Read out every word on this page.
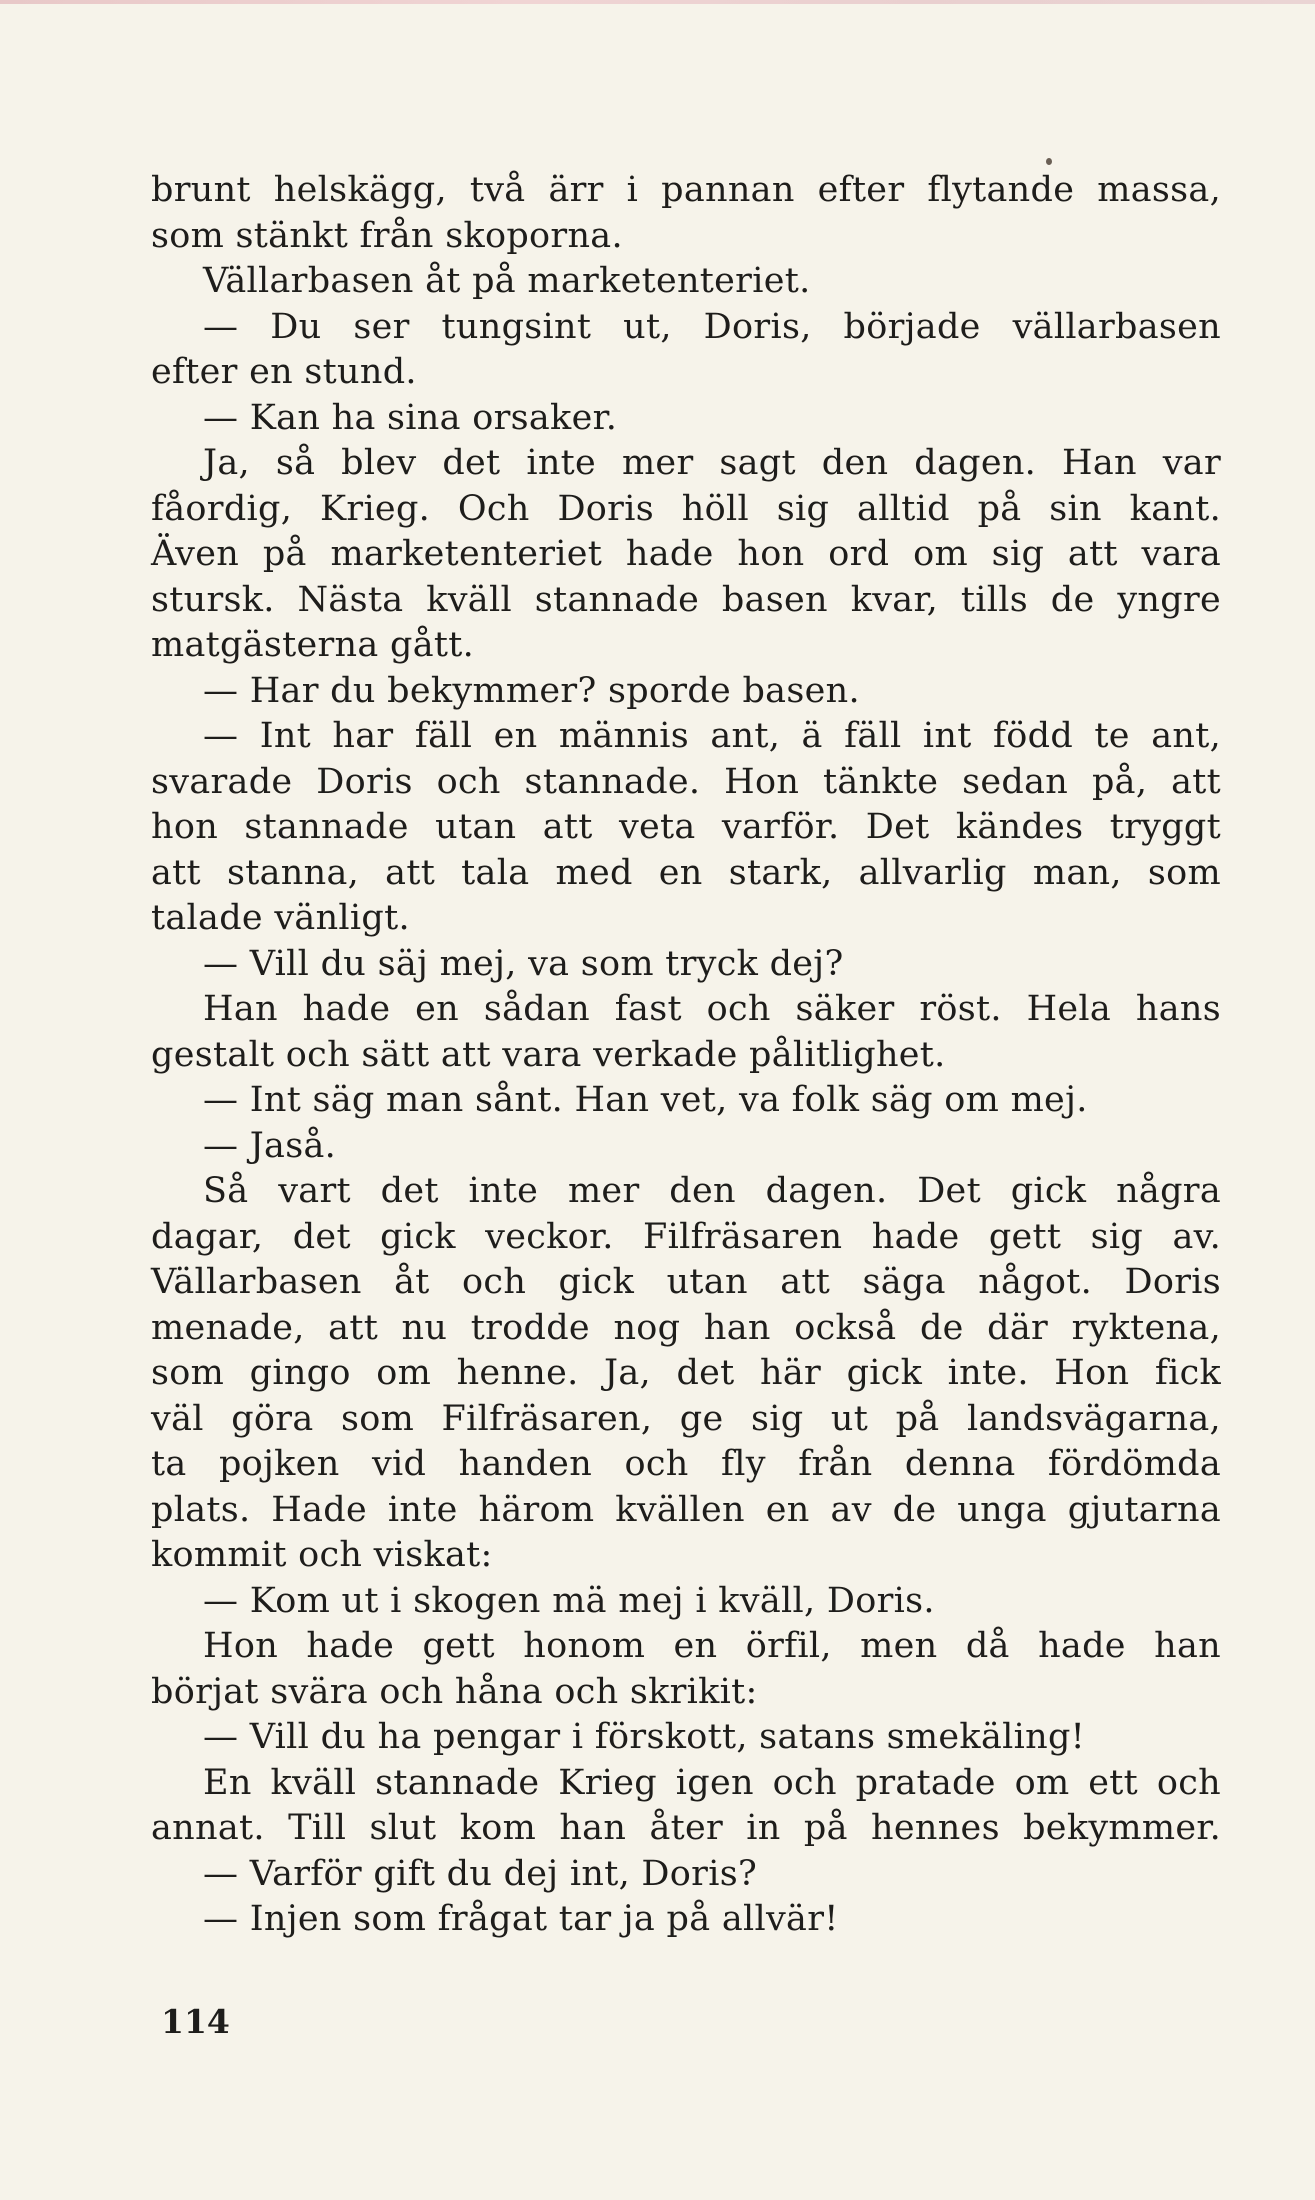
brunt helskägg, två ärr i pannan efter flytande massa,
som stänkt från skoporna.
Vällarbasen åt på marketenteriet.
— Du ser tungsint ut, Doris, började vällarbasen
efter en stund.
— Kan ha sina orsaker.
Ja, så blev det inte mer sagt den dagen. Han var
fåordig, Krieg. Och Doris höll sig alltid på sin kant.
Även på marketenteriet hade hon ord om sig att vara
stursk. Nästa kväll stannade basen kvar, tills de yngre
matgästerna gått.
— Har du bekymmer? sporde basen.
— Int har fäll en männis ant, ä fäll int född te ant,
svarade Doris och stannade. Hon tänkte sedan på, att
hon stannade utan att veta varför. Det kändes tryggt
att stanna, att tala med en stark, allvarlig man, som
talade vänligt.
— Vill du säj mej, va som tryck dej?
Han hade en sådan fast och säker röst. Hela hans
gestalt och sätt att vara verkade pålitlighet.
— Int säg man sånt. Han vet, va folk säg om mej.
— Jaså.
Så vart det inte mer den dagen. Det gick några
dagar, det gick veckor. Filfräsaren hade gett sig av.
Vällarbasen åt och gick utan att säga något. Doris
menade, att nu trodde nog han också de där ryktena,
som gingo om henne. Ja, det här gick inte. Hon fick
väl göra som Filfräsaren, ge sig ut på landsvägarna,
ta pojken vid handen och fly från denna fördömda
plats. Hade inte härom kvällen en av de unga gjutarna
kommit och viskat:
— Kom ut i skogen mä mej i kväll, Doris.
Hon hade gett honom en örfil, men då hade han
börjat svära och håna och skrikit:
— Vill du ha pengar i förskott, satans smekäling!
En kväll stannade Krieg igen och pratade om ett och
annat. Till slut kom han åter in på hennes bekymmer.
— Varför gift du dej int, Doris?
— Injen som frågat tar ja på allvär!
114
